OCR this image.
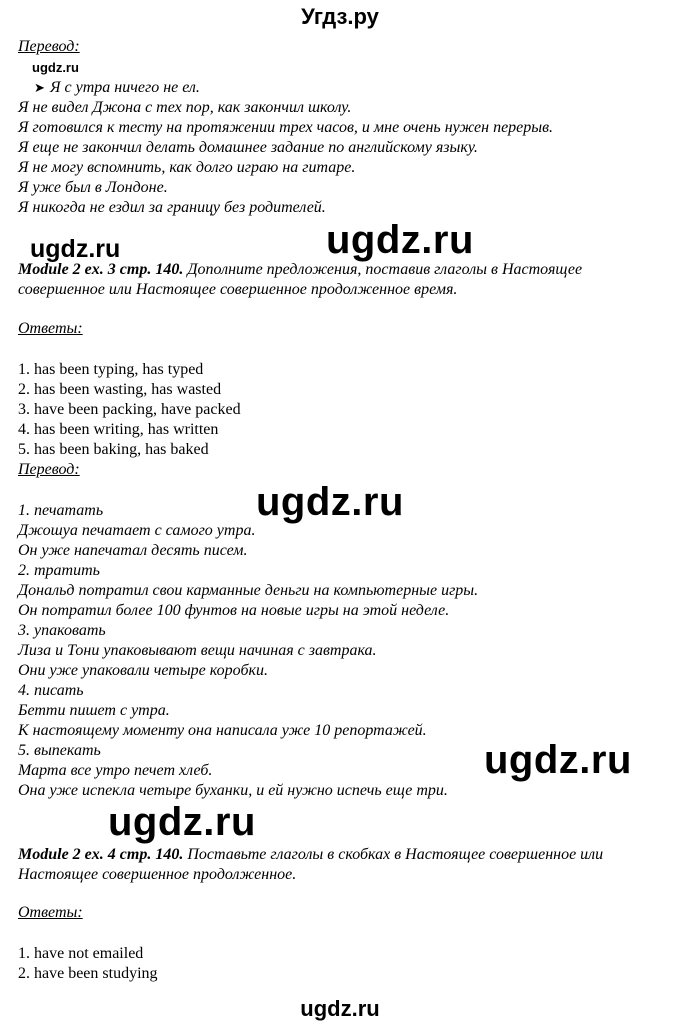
Угдз.ру
Перевод:
ugdz.ru
➤ Я с утра ничего не ел.
Я не видел Джона с тех пор, как закончил школу.
Я готовился к тесту на протяжении трех часов, и мне очень нужен перерыв.
Я еще не закончил делать домашнее задание по английскому языку.
Я не могу вспомнить, как долго играю на гитаре.
Я уже был в Лондоне.
Я никогда не ездил за границу без родителей.
ugdz.ru	ugdz.ru
Module 2 ex. 3 стр. 140. Дополните предложения, поставив глаголы в Настоящее
совершенное или Настоящее совершенное продолженное время.
Ответы:
1. has been typing, has typed
2. has been wasting, has wasted
3. have been packing, have packed
4. has been writing, has written
5. has been baking, has baked
Перевод:
ugdz.ru
1. печатать
Джошуа печатает с самого утра.
Он уже напечатал десять писем.
2. тратить
Дональд потратил свои карманные деньги на компьютерные игры.
Он потратил более 100 фунтов на новые игры на этой неделе.
3. упаковать
Лиза и Тони упаковывают вещи начиная с завтрака.
Они уже упаковали четыре коробки.
4. писать
Бетти пишет с утра.
К настоящему моменту она написала уже 10 репортажей.
5. выпекать
Марта все утро печет хлеб.
Она уже испекла четыре буханки, и ей нужно испечь еще три.
ugdz.ru
ugdz.ru
Module 2 ex. 4 стр. 140. Поставьте глаголы в скобках в Настоящее совершенное или
Настоящее совершенное продолженное.
Ответы:
1. have not emailed
2. have been studying
ugdz.ru
